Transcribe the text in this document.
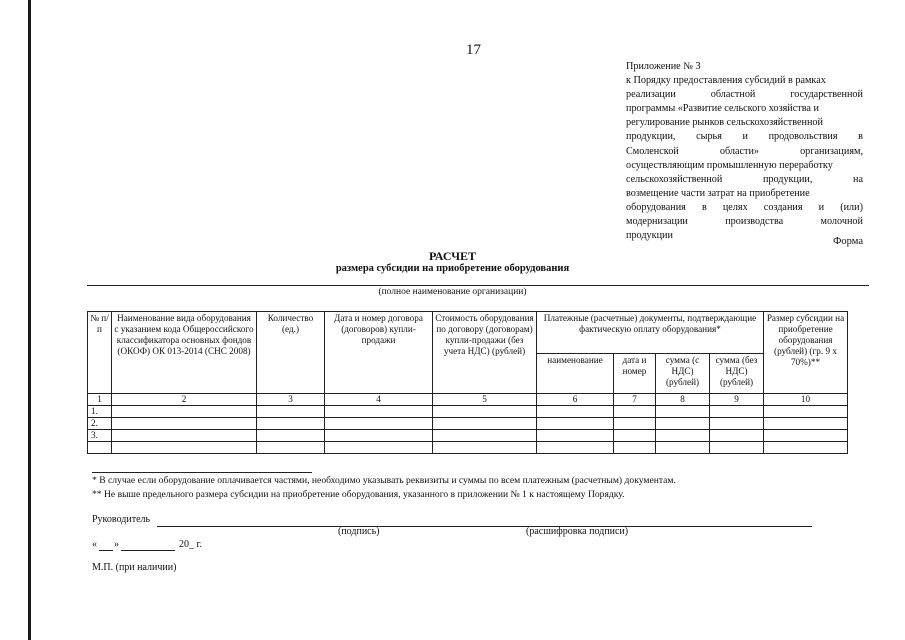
17
Приложение № 3
к Порядку предоставления субсидий в рамках
реализации	областной	государственной
программы «Развитие сельского хозяйства и
регулирование рынков сельскохозяйственной
продукции, сырья и продовольствия в
Смоленской	области»	организациям,
осуществляющим промышленную переработку
сельскохозяйственной	продукции,	на
возмещение части затрат на приобретение
оборудования в целях создания и (или)
модернизации	производства	молочной
продукции
Форма
РАСЧЕТ
размера субсидии на приобретение оборудования
(полное наименование организации)
№ п/п	Наименование вида оборудования с указанием кода Общероссийского классификатора основных фондов (ОКОФ) ОК 013-2014 (СНС 2008)	Количество (ед.)	Дата и номер договора (договоров) купли-продажи	Стоимость оборудования по договору (договорам) купли-продажи (без учета НДС) (рублей)	Платежные (расчетные) документы, подтверждающие фактическую оплату оборудования*				Размер субсидии на приобретение оборудования (рублей) (гр. 9 х 70%)**
					наименование	дата и номер	сумма (с НДС) (рублей)	сумма (без НДС) (рублей)	
1	2	3	4	5	6	7	8	9	10
1.									
2.									
3.									

* В случае если оборудование оплачивается частями, необходимо указывать реквизиты и суммы по всем платежным (расчетным) документам.
** Не выше предельного размера субсидии на приобретение оборудования, указанного в приложении № 1 к настоящему Порядку.
Руководитель
(подпись)	(расшифровка подписи)
« »	20_ г.
М.П. (при наличии)
